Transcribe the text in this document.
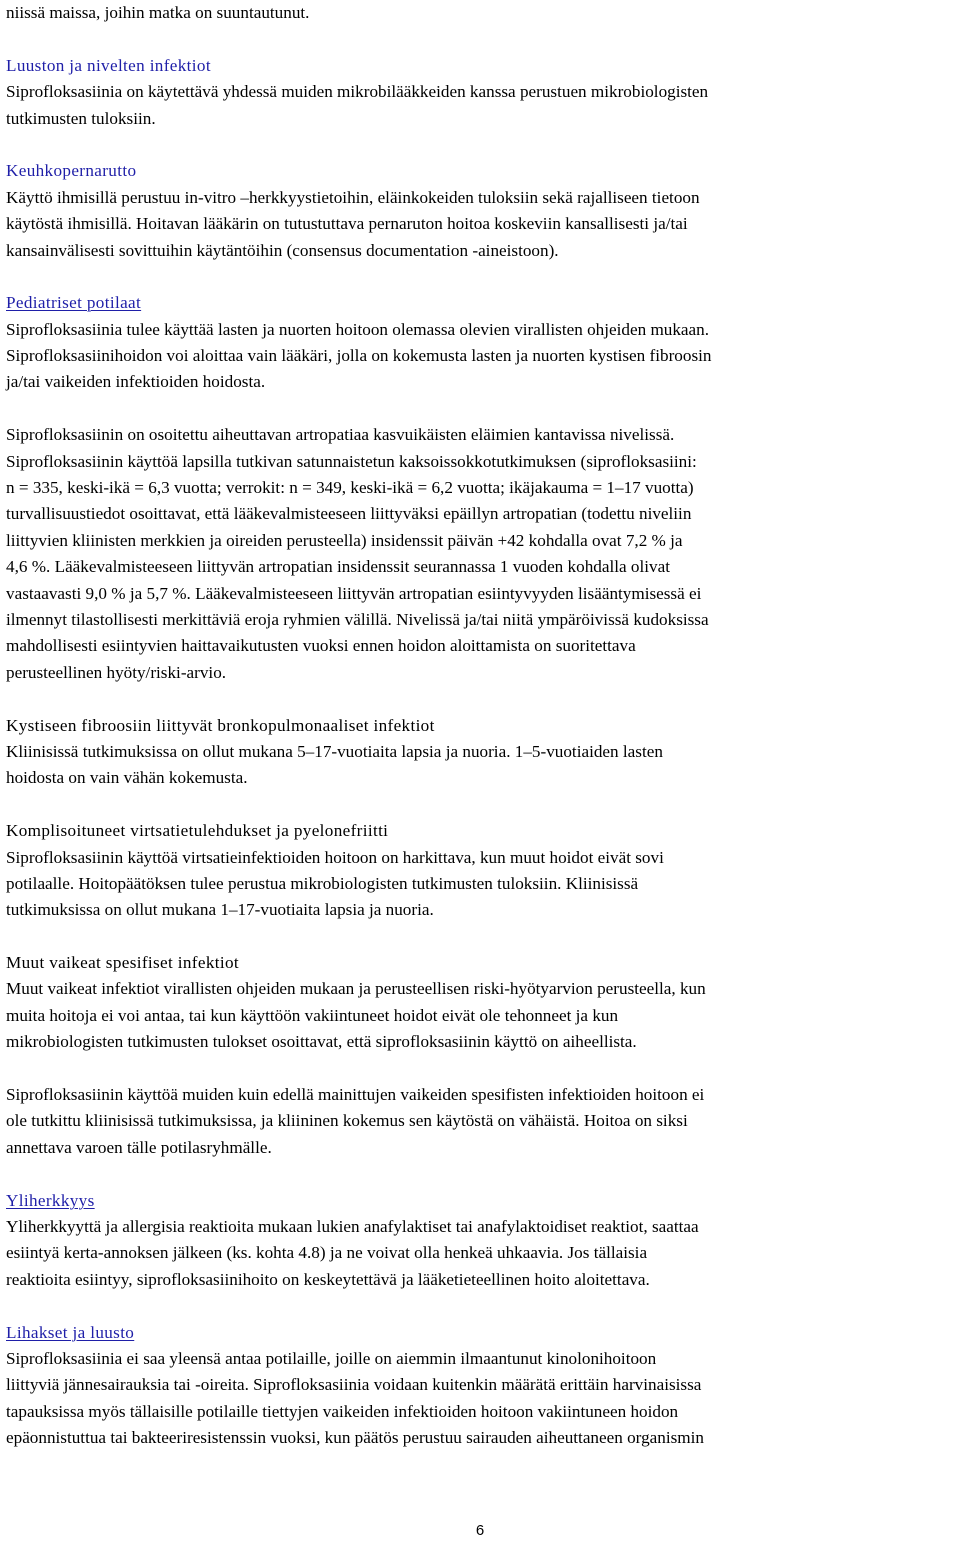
niissä maissa, joihin matka on suuntautunut.
Luuston ja nivelten infektiot
Siprofloksasiinia on käytettävä yhdessä muiden mikrobilääkkeiden kanssa perustuen mikrobiologisten
tutkimusten tuloksiin.
Keuhkopernarutto
Käyttö ihmisillä perustuu in-vitro –herkkyystietoihin, eläinkokeiden tuloksiin sekä rajalliseen tietoon
käytöstä ihmisillä. Hoitavan lääkärin on tutustuttava pernaruton hoitoa koskeviin kansallisesti ja/tai
kansainvälisesti sovittuihin käytäntöihin (consensus documentation -aineistoon).
Pediatriset potilaat
Siprofloksasiinia tulee käyttää lasten ja nuorten hoitoon olemassa olevien virallisten ohjeiden mukaan.
Siprofloksasiinihoidon voi aloittaa vain lääkäri, jolla on kokemusta lasten ja nuorten kystisen fibroosin
ja/tai vaikeiden infektioiden hoidosta.
Siprofloksasiinin on osoitettu aiheuttavan artropatiaa kasvuikäisten eläimien kantavissa nivelissä.
Siprofloksasiinin käyttöä lapsilla tutkivan satunnaistetun kaksoissokkotutkimuksen (siprofloksasiini:
n = 335, keski-ikä = 6,3 vuotta; verrokit: n = 349, keski-ikä = 6,2 vuotta; ikäjakauma = 1–17 vuotta)
turvallisuustiedot osoittavat, että lääkevalmisteeseen liittyväksi epäillyn artropatian (todettu niveliin
liittyvien kliinisten merkkien ja oireiden perusteella) insidenssit päivän +42 kohdalla ovat 7,2 % ja
4,6 %. Lääkevalmisteeseen liittyvän artropatian insidenssit seurannassa 1 vuoden kohdalla olivat
vastaavasti 9,0 % ja 5,7 %. Lääkevalmisteeseen liittyvän artropatian esiintyvyyden lisääntymisessä ei
ilmennyt tilastollisesti merkittäviä eroja ryhmien välillä. Nivelissä ja/tai niitä ympäröivissä kudoksissa
mahdollisesti esiintyvien haittavaikutusten vuoksi ennen hoidon aloittamista on suoritettava
perusteellinen hyöty/riski-arvio.
Kystiseen fibroosiin liittyvät bronkopulmonaaliset infektiot
Kliinisissä tutkimuksissa on ollut mukana 5–17-vuotiaita lapsia ja nuoria. 1–5-vuotiaiden lasten
hoidosta on vain vähän kokemusta.
Komplisoituneet virtsatietulehdukset ja pyelonefriitti
Siprofloksasiinin käyttöä virtsatieinfektioiden hoitoon on harkittava, kun muut hoidot eivät sovi
potilaalle. Hoitopäätöksen tulee perustua mikrobiologisten tutkimusten tuloksiin. Kliinisissä
tutkimuksissa on ollut mukana 1–17-vuotiaita lapsia ja nuoria.
Muut vaikeat spesifiset infektiot
Muut vaikeat infektiot virallisten ohjeiden mukaan ja perusteellisen riski-hyötyarvion perusteella, kun
muita hoitoja ei voi antaa, tai kun käyttöön vakiintuneet hoidot eivät ole tehonneet ja kun
mikrobiologisten tutkimusten tulokset osoittavat, että siprofloksasiinin käyttö on aiheellista.
Siprofloksasiinin käyttöä muiden kuin edellä mainittujen vaikeiden spesifisten infektioiden hoitoon ei
ole tutkittu kliinisissä tutkimuksissa, ja kliininen kokemus sen käytöstä on vähäistä. Hoitoa on siksi
annettava varoen tälle potilasryhmälle.
Yliherkkyys
Yliherkkyyttä ja allergisia reaktioita mukaan lukien anafylaktiset tai anafylaktoidiset reaktiot, saattaa
esiintyä kerta-annoksen jälkeen (ks. kohta 4.8) ja ne voivat olla henkeä uhkaavia. Jos tällaisia
reaktioita esiintyy, siprofloksasiinihoito on keskeytettävä ja lääketieteellinen hoito aloitettava.
Lihakset ja luusto
Siprofloksasiinia ei saa yleensä antaa potilaille, joille on aiemmin ilmaantunut kinolonihoitoon
liittyviä jännesairauksia tai -oireita. Siprofloksasiinia voidaan kuitenkin määrätä erittäin harvinaisissa
tapauksissa myös tällaisille potilaille tiettyjen vaikeiden infektioiden hoitoon vakiintuneen hoidon
epäonnistuttua tai bakteeriresistenssin vuoksi, kun päätös perustuu sairauden aiheuttaneen organismin
6
